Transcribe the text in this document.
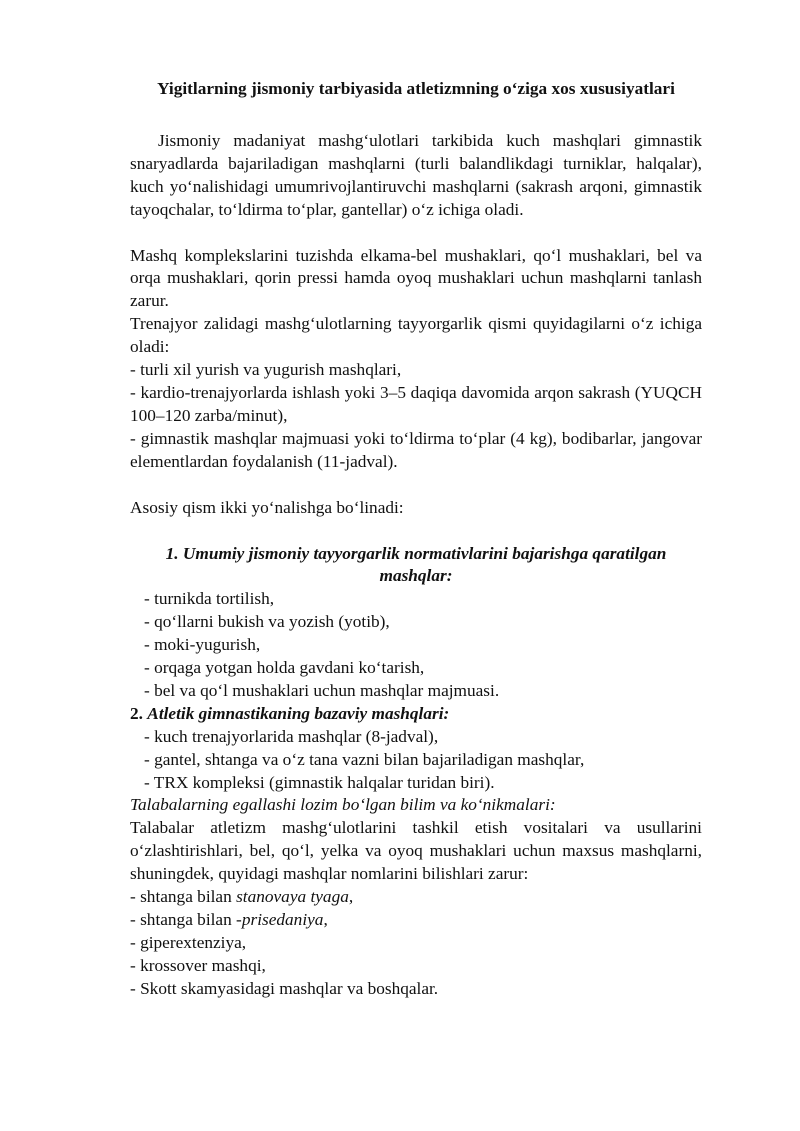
Yigitlarning jismoniy tarbiyasida atletizmning o‘ziga xos xususiyatlari

Jismoniy madaniyat mashg‘ulotlari tarkibida kuch mashqlari gimnastik snaryadlarda bajariladigan mashqlarni (turli balandlikdagi turniklar, halqalar), kuch yo‘nalishidagi umumrivojlantiruvchi mashqlarni (sakrash arqoni, gimnastik tayoqchalar, to‘ldirma to‘plar, gantellar) o‘z ichiga oladi.

Mashq komplekslarini tuzishda elkama-bel mushaklari, qo‘l mushaklari, bel va orqa mushaklari, qorin pressi hamda oyoq mushaklari uchun mashqlarni tanlash zarur.

Trenajyor zalidagi mashg‘ulotlarning tayyorgarlik qismi quyidagilarni o‘z ichiga oladi:

- turli xil yurish va yugurish mashqlari,

- kardio-trenajyorlarda ishlash yoki 3–5 daqiqa davomida arqon sakrash (YUQCH 100–120 zarba/minut),

- gimnastik mashqlar majmuasi yoki to‘ldirma to‘plar (4 kg), bodibarlar, jangovar elementlardan foydalanish (11-jadval).

Asosiy qism ikki yo‘nalishga bo‘linadi:

1. Umumiy jismoniy tayyorgarlik normativlarini bajarishga qaratilgan mashqlar:

- turnikda tortilish,

- qo‘llarni bukish va yozish (yotib),

- moki-yugurish,

- orqaga yotgan holda gavdani ko‘tarish,

- bel va qo‘l mushaklari uchun mashqlar majmuasi.

2. Atletik gimnastikaning bazaviy mashqlari:

- kuch trenajyorlarida mashqlar (8-jadval),

- gantel, shtanga va o‘z tana vazni bilan bajariladigan mashqlar,

- TRX kompleksi (gimnastik halqalar turidan biri).

Talabalarning egallashi lozim bo‘lgan bilim va ko‘nikmalari:

Talabalar atletizm mashg‘ulotlarini tashkil etish vositalari va usullarini o‘zlashtirishlari, bel, qo‘l, yelka va oyoq mushaklari uchun maxsus mashqlarni, shuningdek, quyidagi mashqlar nomlarini bilishlari zarur:

- shtanga bilan stanovaya tyaga,

- shtanga bilan -prisedaniya,

- giperextenziya,

- krossover mashqi,

- Skott skamyasidagi mashqlar va boshqalar.
